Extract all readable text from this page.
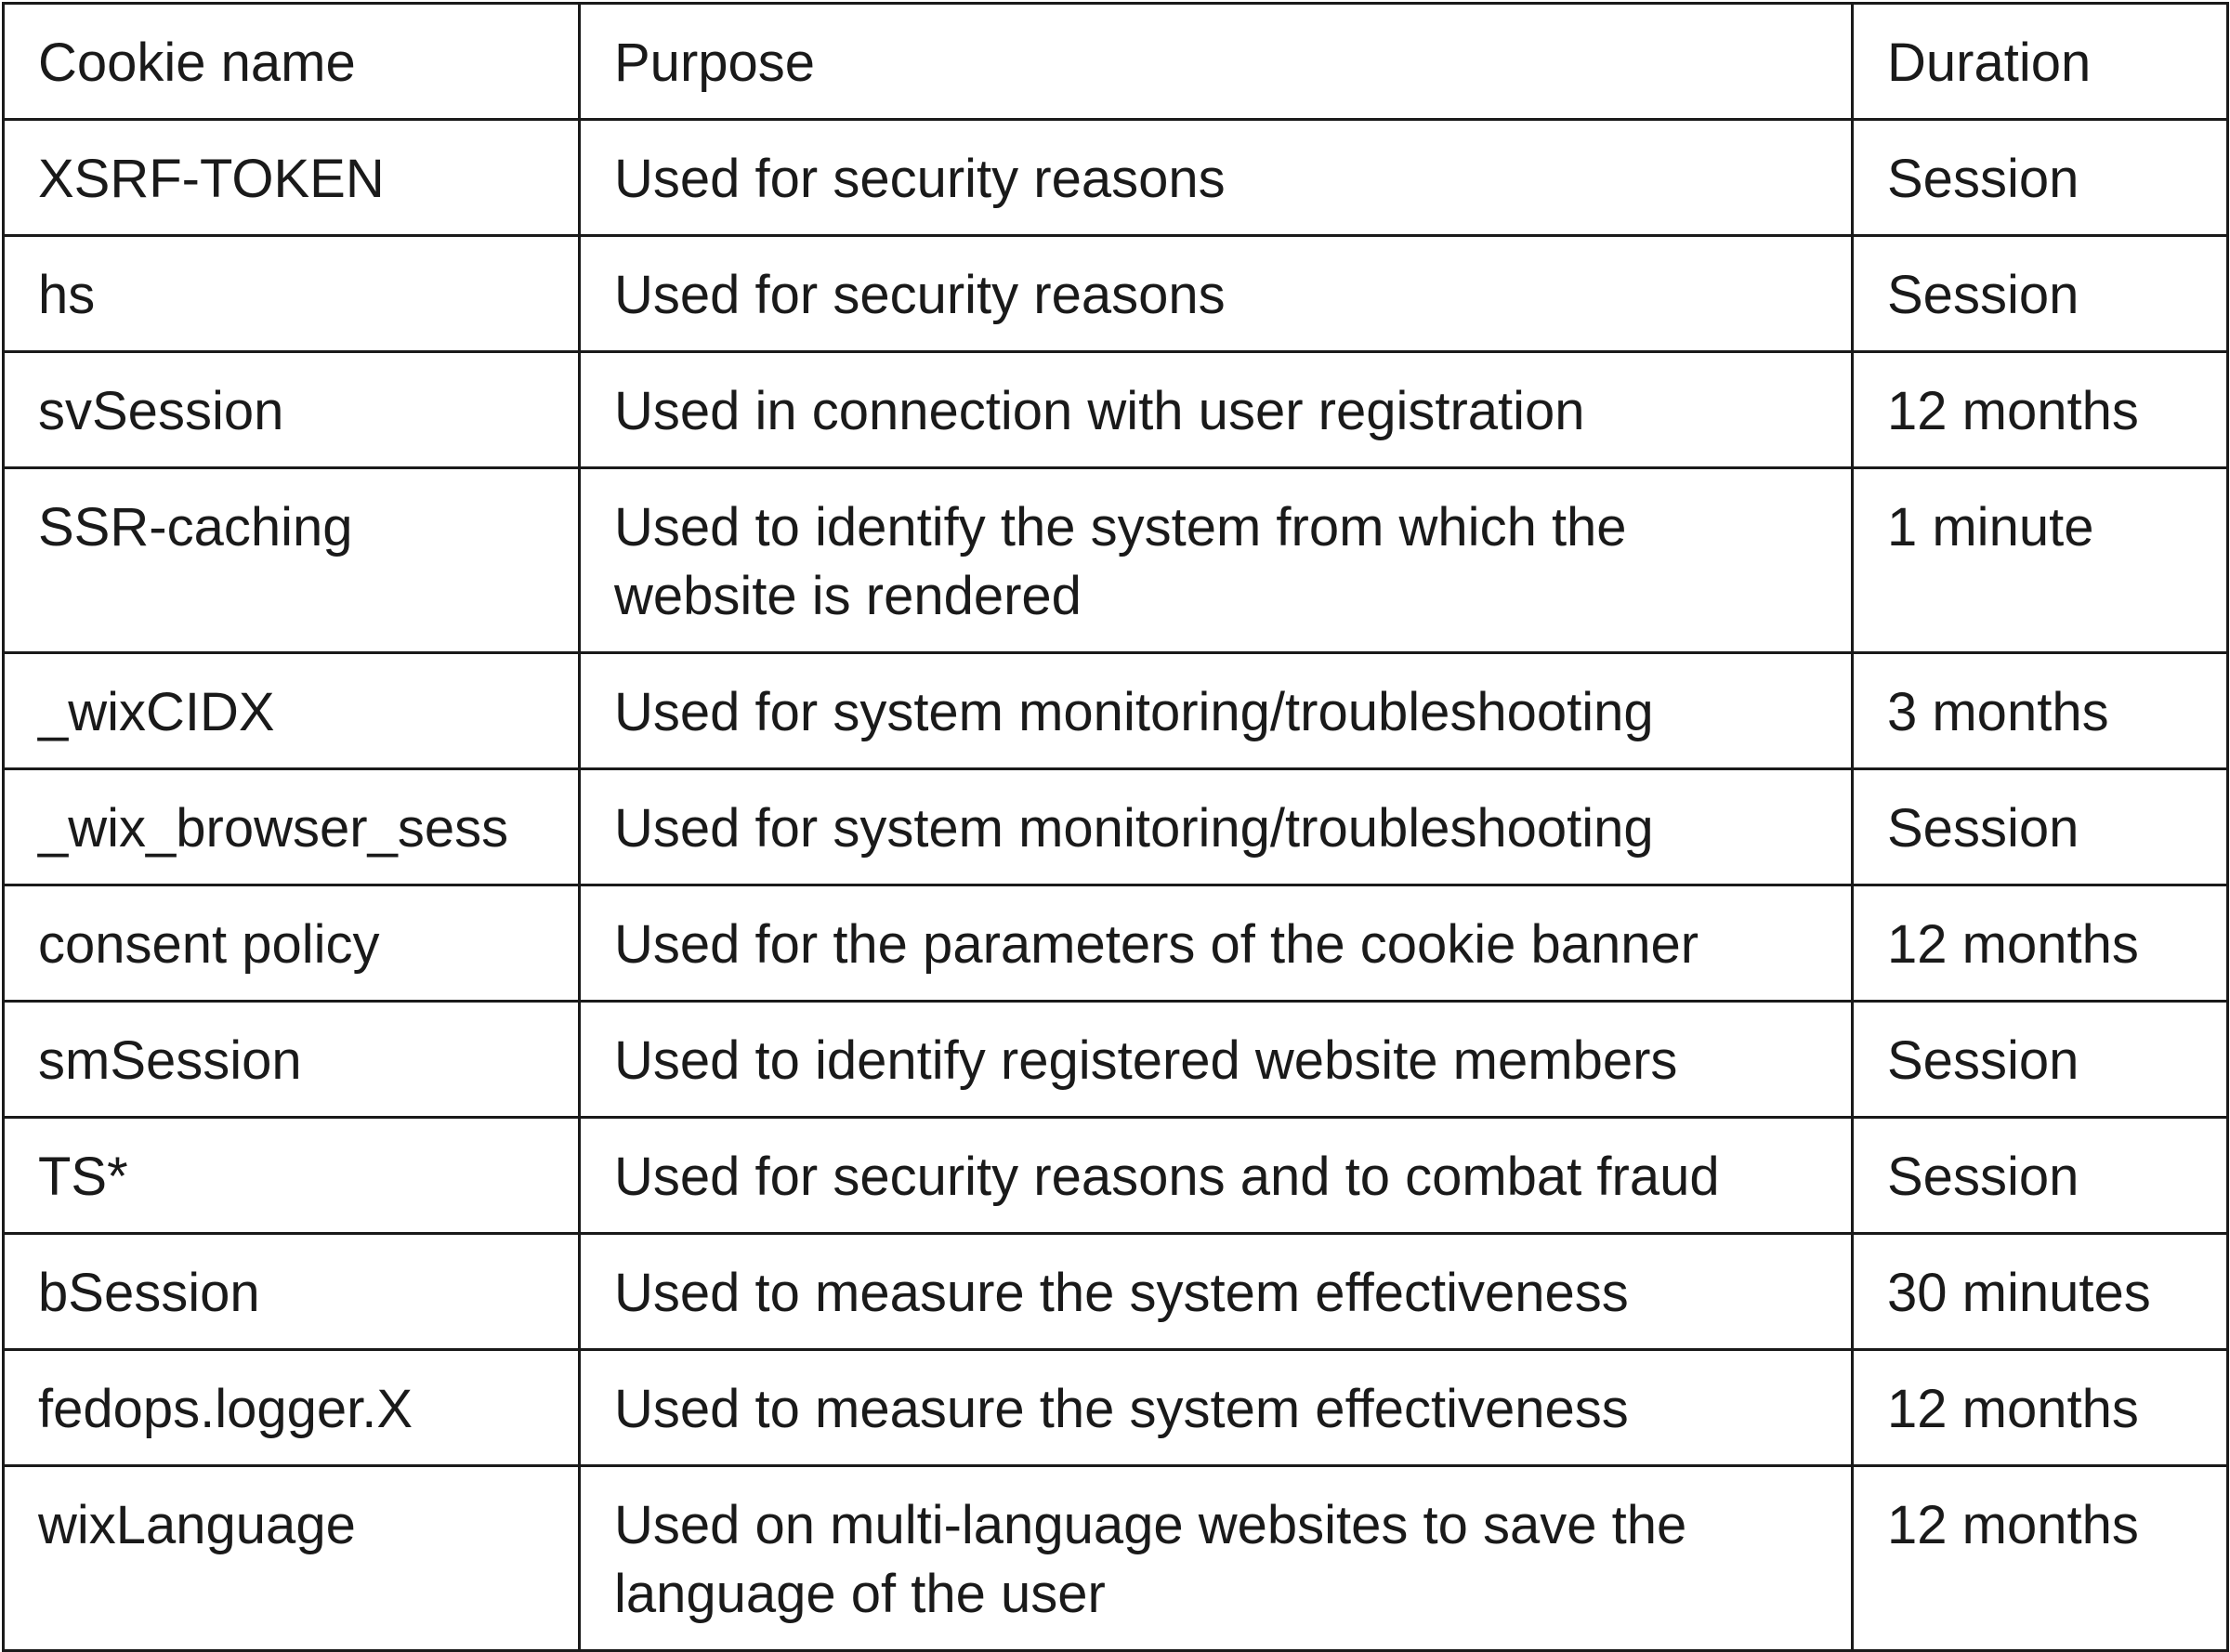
Cookie name	Purpose	Duration
XSRF-TOKEN	Used for security reasons	Session
hs	Used for security reasons	Session
svSession	Used in connection with user registration	12 months
SSR-caching	Used to identify the system from which the website is rendered	1 minute
_wixCIDX	Used for system monitoring/troubleshooting	3 months
_wix_browser_sess	Used for system monitoring/troubleshooting	Session
consent policy	Used for the parameters of the cookie banner	12 months
smSession	Used to identify registered website members	Session
TS*	Used for security reasons and to combat fraud	Session
bSession	Used to measure the system effectiveness	30 minutes
fedops.logger.X	Used to measure the system effectiveness	12 months
wixLanguage	Used on multi-language websites to save the language of the user	12 months
